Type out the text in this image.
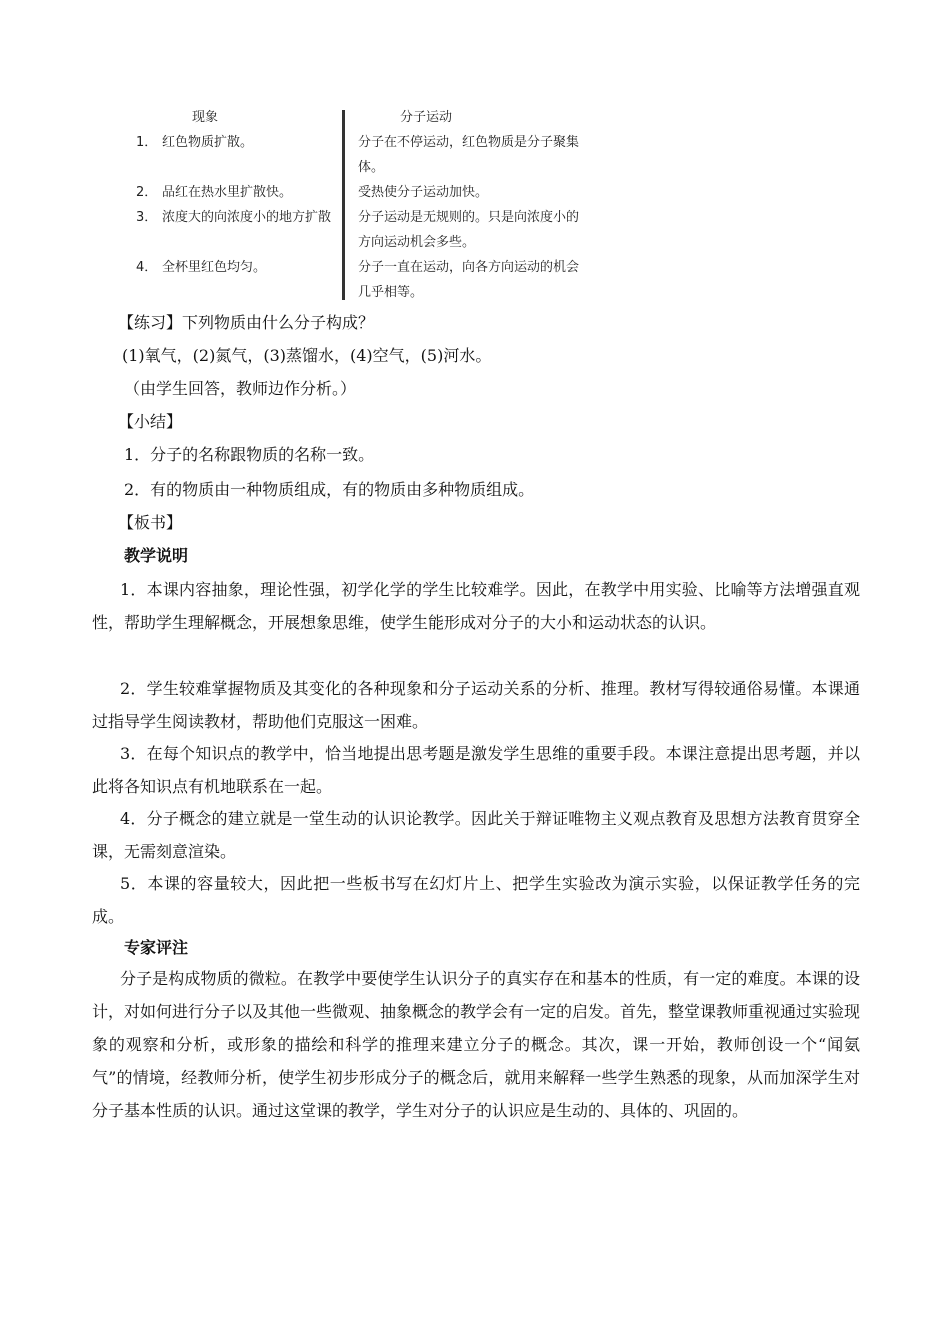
现象	分子运动
1． 红色物质扩散。	分子在不停运动，红色物质是分子聚集体。
2． 品红在热水里扩散快。	受热使分子运动加快。
3． 浓度大的向浓度小的地方扩散	分子运动是无规则的。只是向浓度小的方向运动机会多些。
4． 全杯里红色均匀。	分子一直在运动，向各方向运动的机会几乎相等。
【练习】下列物质由什么分子构成？
(1)氧气，(2)氮气，(3)蒸馏水，(4)空气，(5)河水。
（由学生回答，教师边作分析。）
【小结】
1．分子的名称跟物质的名称一致。
2．有的物质由一种物质组成，有的物质由多种物质组成。
【板书】
教学说明
1．本课内容抽象，理论性强，初学化学的学生比较难学。因此，在教学中用实验、比喻等方法增强直观性，帮助学生理解概念，开展想象思维，使学生能形成对分子的大小和运动状态的认识。
2．学生较难掌握物质及其变化的各种现象和分子运动关系的分析、推理。教材写得较通俗易懂。本课通过指导学生阅读教材，帮助他们克服这一困难。
3．在每个知识点的教学中，恰当地提出思考题是激发学生思维的重要手段。本课注意提出思考题，并以此将各知识点有机地联系在一起。
4．分子概念的建立就是一堂生动的认识论教学。因此关于辩证唯物主义观点教育及思想方法教育贯穿全课，无需刻意渲染。
5．本课的容量较大，因此把一些板书写在幻灯片上、把学生实验改为演示实验，以保证教学任务的完成。
专家评注
分子是构成物质的微粒。在教学中要使学生认识分子的真实存在和基本的性质，有一定的难度。本课的设计，对如何进行分子以及其他一些微观、抽象概念的教学会有一定的启发。首先，整堂课教师重视通过实验现象的观察和分析，或形象的描绘和科学的推理来建立分子的概念。其次，课一开始，教师创设一个“闻氨气”的情境，经教师分析，使学生初步形成分子的概念后，就用来解释一些学生熟悉的现象，从而加深学生对分子基本性质的认识。通过这堂课的教学，学生对分子的认识应是生动的、具体的、巩固的。
